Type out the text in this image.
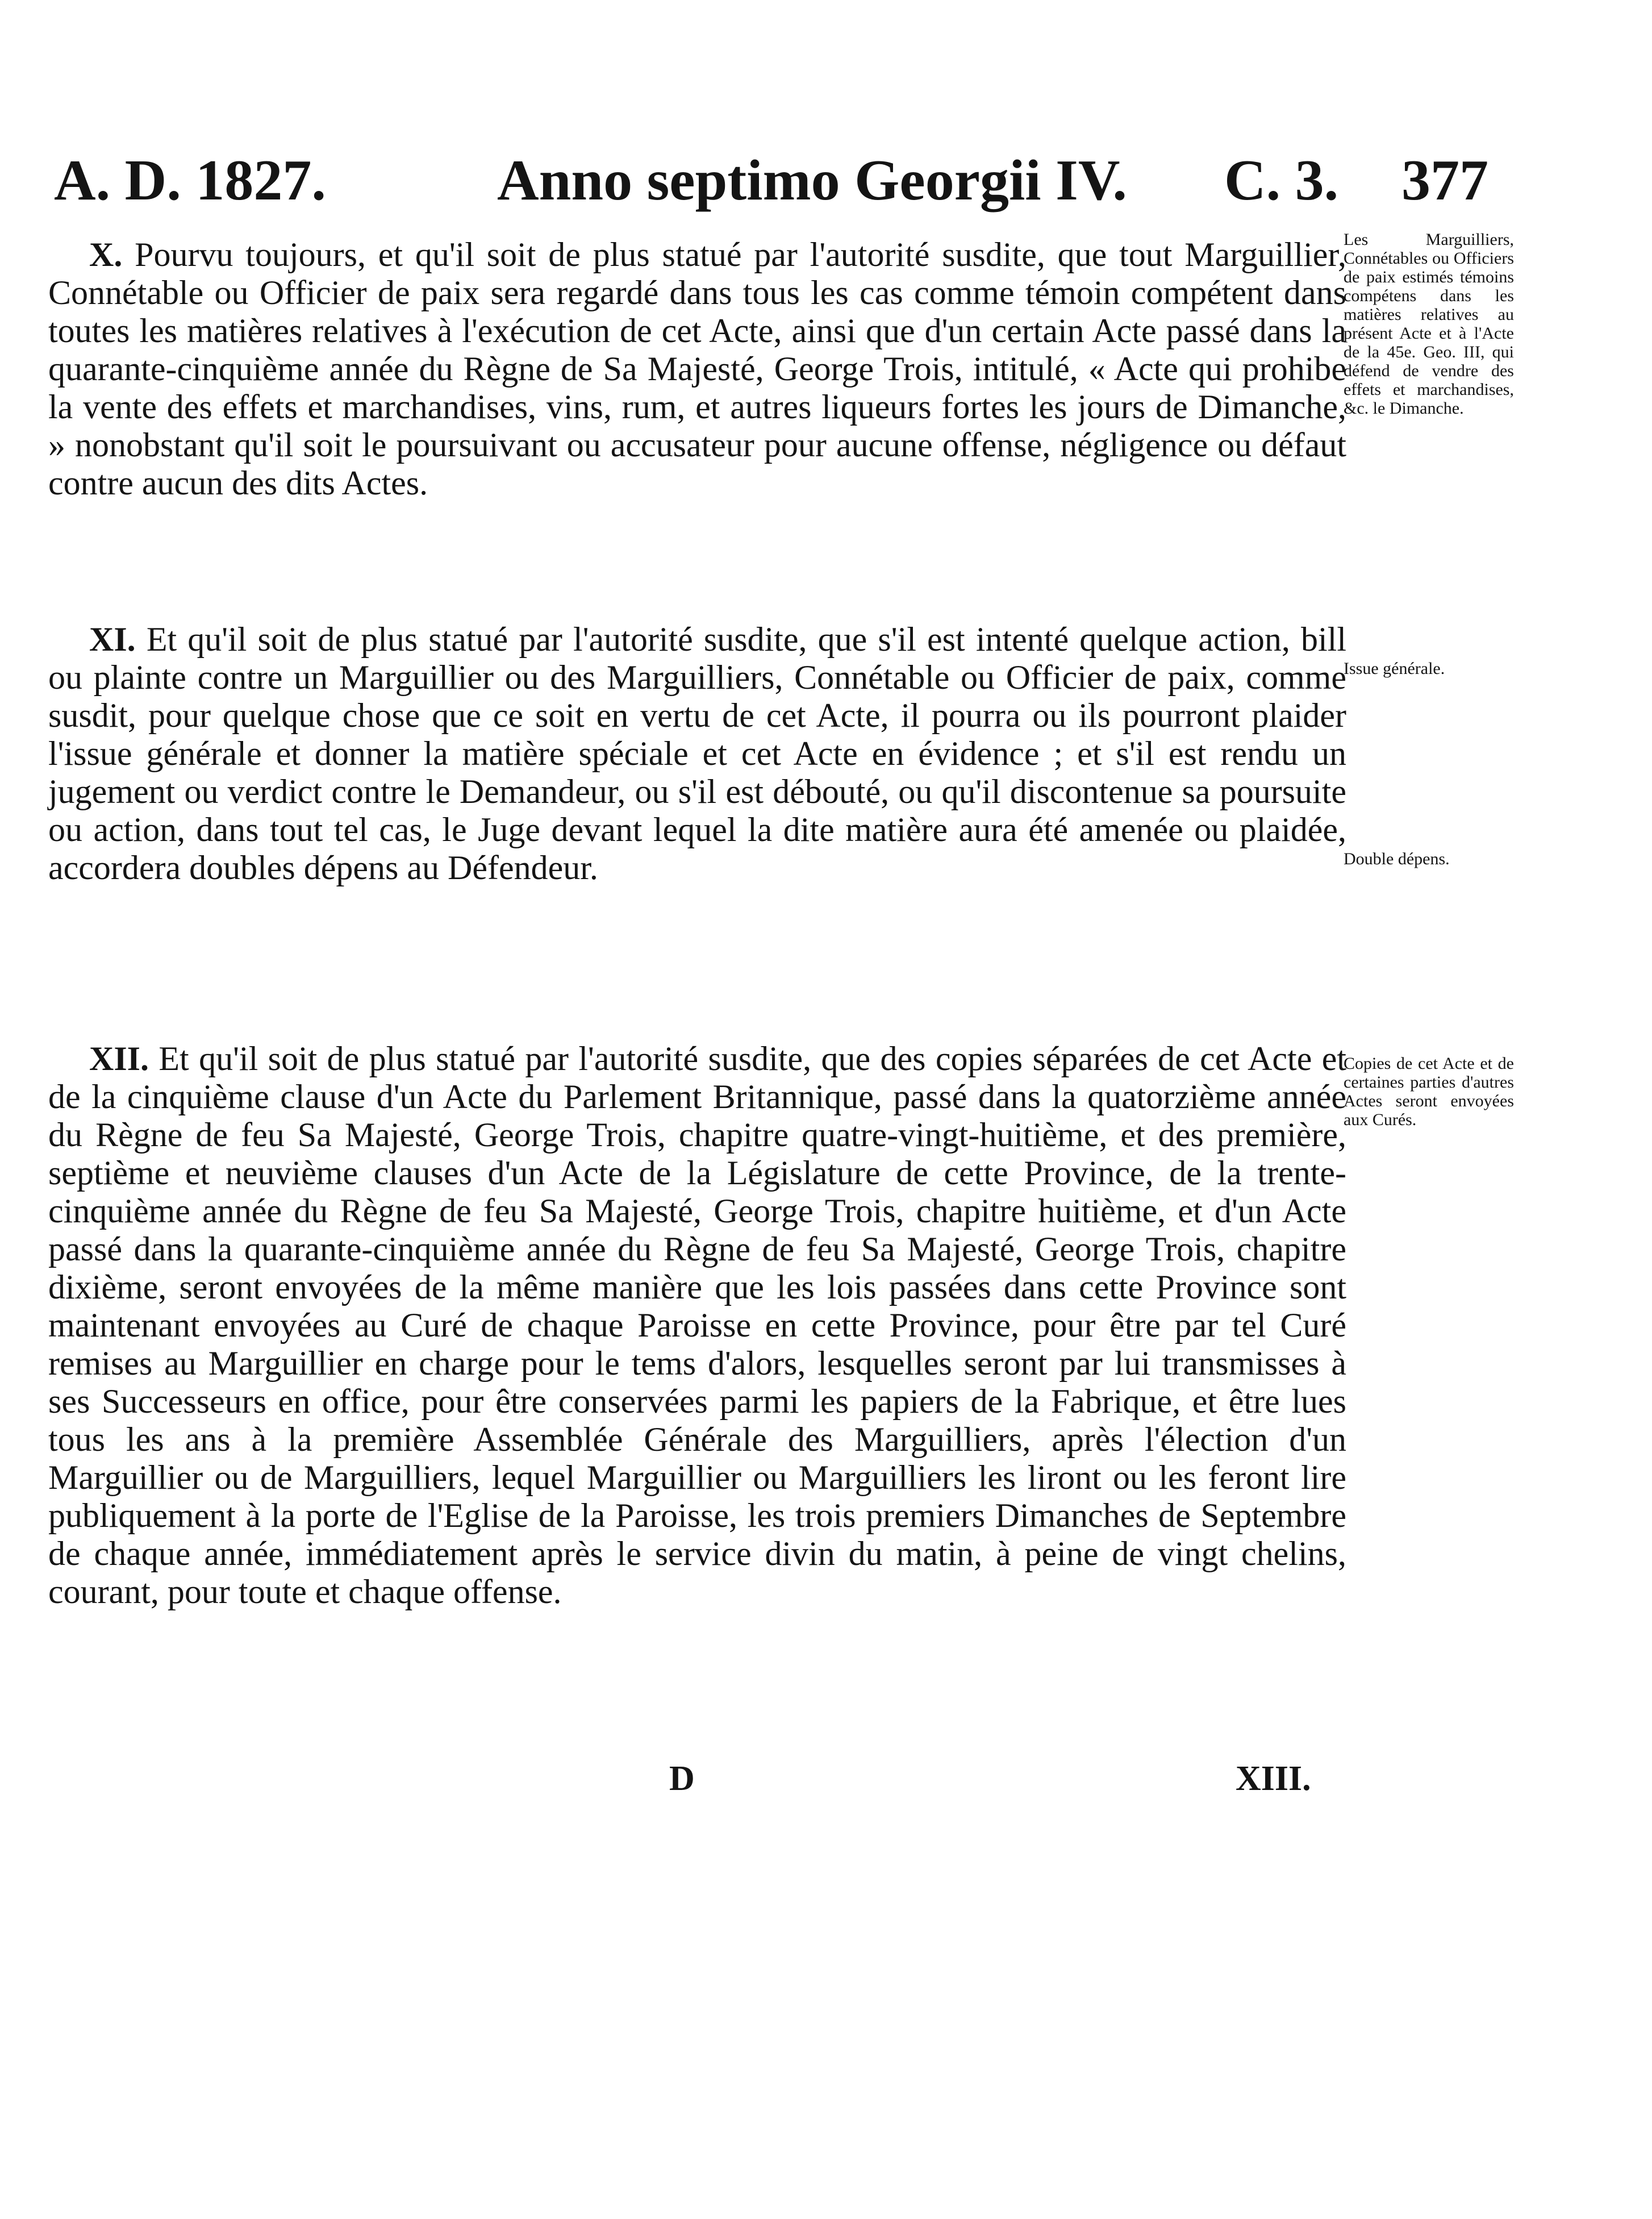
A. D. 1827.	Anno septimo Georgii IV. C. 3. 377

X. Pourvu toujours, et qu'il soit de plus statué par l'autorité susdite, que tout Marguillier, Connétable ou Officier de paix sera regardé dans tous les cas comme témoin compétent dans toutes les matières relatives à l'exécution de cet Acte, ainsi que d'un certain Acte passé dans la quarante-cinquième année du Règne de Sa Majesté, George Trois, intitulé, « Acte qui prohibe la vente des effets et marchandises, vins, rum, et autres liqueurs fortes les jours de Dimanche, » nonobstant qu'il soit le poursuivant ou accusateur pour aucune offense, négligence ou défaut contre aucun des dits Actes.

Les Marguilliers, Connétables ou Officiers de paix estimés témoins compétens dans les matières relatives au présent Acte et à l'Acte de la 45e. Geo. III, qui défend de vendre des effets et marchandises, &c. le Dimanche.

XI. Et qu'il soit de plus statué par l'autorité susdite, que s'il est intenté quelque action, bill ou plainte contre un Marguillier ou des Marguilliers, Connétable ou Officier de paix, comme susdit, pour quelque chose que ce soit en vertu de cet Acte, il pourra ou ils pourront plaider l'issue générale et donner la matière spéciale et cet Acte en évidence ; et s'il est rendu un jugement ou verdict contre le Demandeur, ou s'il est débouté, ou qu'il discontenue sa poursuite ou action, dans tout tel cas, le Juge devant lequel la dite matière aura été amenée ou plaidée, accordera doubles dépens au Défendeur.

Issue générale.
Double dépens.

XII. Et qu'il soit de plus statué par l'autorité susdite, que des copies séparées de cet Acte et de la cinquième clause d'un Acte du Parlement Britannique, passé dans la quatorzième année du Règne de feu Sa Majesté, George Trois, chapitre quatre-vingt-huitième, et des première, septième et neuvième clauses d'un Acte de la Législature de cette Province, de la trente-cinquième année du Règne de feu Sa Majesté, George Trois, chapitre huitième, et d'un Acte passé dans la quarante-cinquième année du Règne de feu Sa Majesté, George Trois, chapitre dixième, seront envoyées de la même manière que les lois passées dans cette Province sont maintenant envoyées au Curé de chaque Paroisse en cette Province, pour être par tel Curé remises au Marguillier en charge pour le tems d'alors, lesquelles seront par lui transmisses à ses Successeurs en office, pour être conservées parmi les papiers de la Fabrique, et être lues tous les ans à la première Assemblée Générale des Marguilliers, après l'élection d'un Marguillier ou de Marguilliers, lequel Marguillier ou Marguilliers les liront ou les feront lire publiquement à la porte de l'Eglise de la Paroisse, les trois premiers Dimanches de Septembre de chaque année, immédiatement après le service divin du matin, à peine de vingt chelins, courant, pour toute et chaque offense.

Copies de cet Acte et de certaines parties d'autres Actes seront envoyées aux Curés.
D	XIII.
